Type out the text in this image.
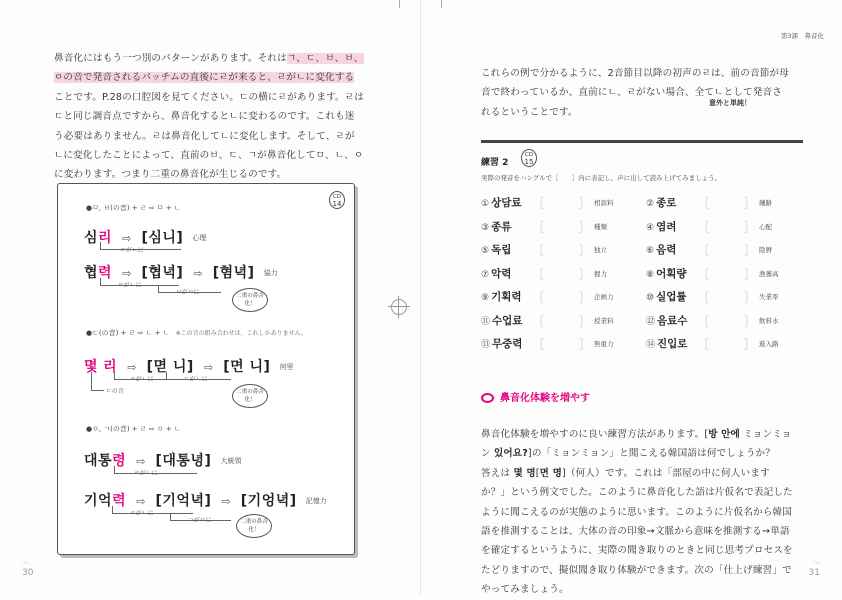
鼻音化にはもう一つ別のパターンがあります。それはㄱ、ㄷ、ㅂ、ㅂ、ㅇの音で発音されるパッチムの直後にㄹが来ると、ㄹがㄴに変化することです。P.28の口腔図を見てください。ㄷの横にㄹがあります。ㄹはㄷと同じ調音点ですから、鼻音化するとㄴに変わるのです。これも迷う必要はありません。ㄹは鼻音化してㄴに変化します。そして、ㄹがㄴに変化したことによって、直前のㅂ、ㄷ、ㄱが鼻音化してㅁ、ㄴ、ㅇに変わります。つまり二重の鼻音化が生じるのです。
CD
14
●ㅁ, ㅂ(の音) + ㄹ ⇨ ㅁ + ㄴ
심리 ⇨ [심니] 心理
ㄹがㄴに
협력 ⇨ [협녁] ⇨ [혐녁] 協力
ㄹがㄴに
ㅂがㅁに	二重の鼻音化！
●ㄷ(の音) + ㄹ ⇨ ㄴ + ㄴ ※この音の組み合わせは、これしかありません。
몇 리 ⇨ [멷 니] ⇨ [면 니] 何里
ㄹがㄴに	ㄷがㄴに
ㄷの音	二重の鼻音化！
●ㅇ, ㄱ(の音) + ㄹ ⇨ ㅇ + ㄴ
대통령 ⇨ [대통녕] 大統領
ㄹがㄴに
기억력 ⇨ [기억녁] ⇨ [기엉녁] 記憶力
ㄹがㄴに
ㄱがㅇに	二重の鼻音化！
〜
30
第3課　鼻音化
これらの例で分かるように、2音節目以降の初声のㄹは、前の音節が母音で終わっているか、直前にㄴ、ㄹがない場合、全てㄴとして発音されるということです。
意外と単純！
練習 2
CD
15
実際の発音をハングルで［　　］内に表記し、声に出して読み上げてみましょう。
① 상담료 ［	］ 相談料	② 종로 ［	］ 鍾路
③ 종류 ［	］ 種類	④ 염려 ［	］ 心配
⑤ 독립 ［	］ 独立	⑥ 음력 ［	］ 陰暦
⑦ 악력 ［	］ 握力	⑧ 어획량 ［	］ 漁獲高
⑨ 기획력 ［	］ 企画力	⑩ 실업률 ［	］ 失業率
⑪ 수업료 ［	］ 授業料	⑫ 음료수 ［	］ 飲料水
⑬ 무중력 ［	］ 無重力	⑭ 진입로 ［	］ 進入路
鼻音化体験を増やす
鼻音化体験を増やすのに良い練習方法があります。[방 안에 ミョンミョン 있어요?]の「ミョンミョン」と聞こえる韓国語は何でしょうか？　答えは 몇 명[면 명]（何人）です。これは「部屋の中に何人いますか？」という例文でした。このように鼻音化した語は片仮名で表記したように聞こえるのが実態のように思います。このように片仮名から韓国語を推測することは、大体の音の印象→文脈から意味を推測する→単語を確定するというように、実際の聞き取りのときと同じ思考プロセスをたどりますので、擬似聞き取り体験ができます。次の「仕上げ練習」でやってみましょう。
〜
31
